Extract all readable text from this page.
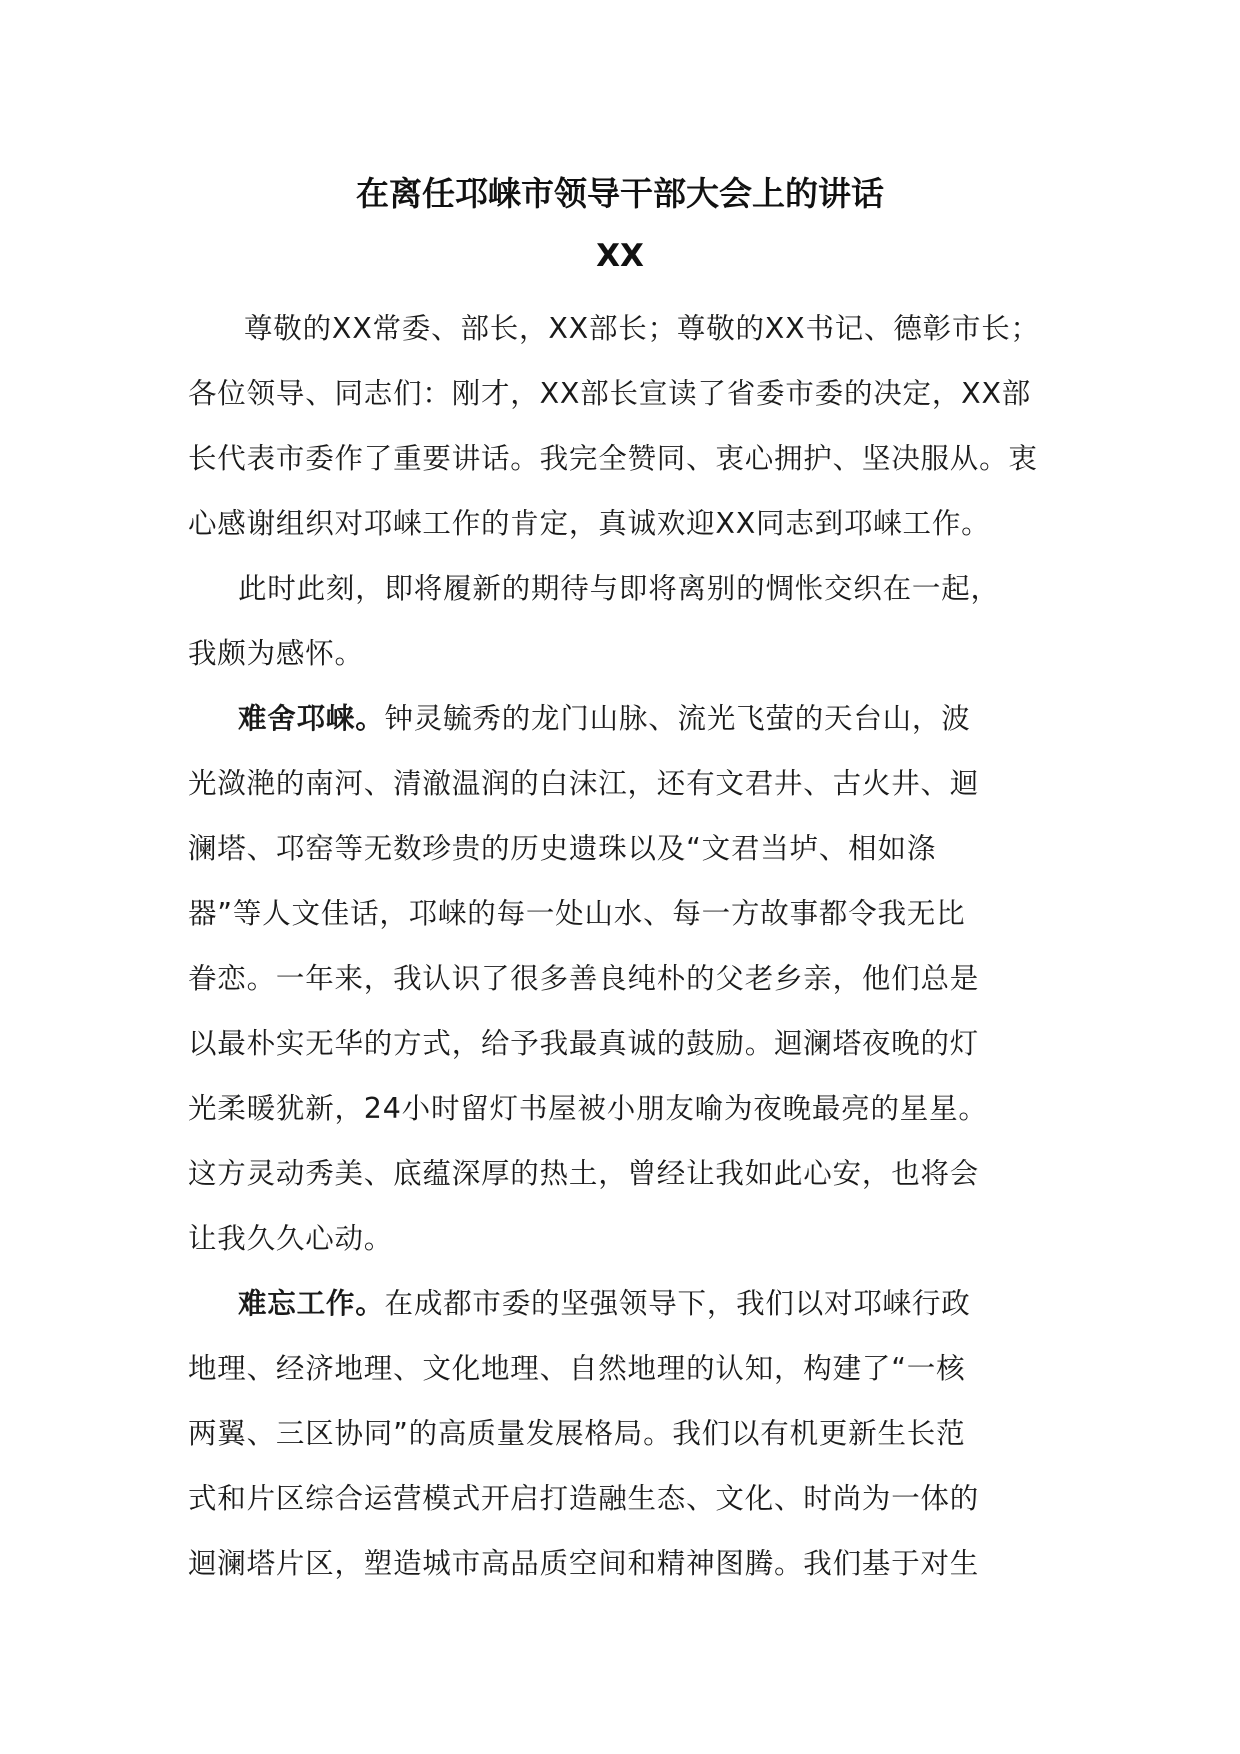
在离任邛崃市领导干部大会上的讲话
XX

尊敬的XX常委、部长，XX部长；尊敬的XX书记、德彰市长；
各位领导、同志们：刚才，XX部长宣读了省委市委的决定，XX部
长代表市委作了重要讲话。我完全赞同、衷心拥护、坚决服从。衷
心感谢组织对邛崃工作的肯定，真诚欢迎XX同志到邛崃工作。

此时此刻，即将履新的期待与即将离别的惆怅交织在一起，
我颇为感怀。

难舍邛崃。钟灵毓秀的龙门山脉、流光飞萤的天台山，波
光潋滟的南河、清澈温润的白沫江，还有文君井、古火井、迴
澜塔、邛窑等无数珍贵的历史遗珠以及“文君当垆、相如涤
器”等人文佳话，邛崃的每一处山水、每一方故事都令我无比
眷恋。一年来，我认识了很多善良纯朴的父老乡亲，他们总是
以最朴实无华的方式，给予我最真诚的鼓励。迴澜塔夜晚的灯
光柔暖犹新，24小时留灯书屋被小朋友喻为夜晚最亮的星星。
这方灵动秀美、底蕴深厚的热土，曾经让我如此心安，也将会
让我久久心动。

难忘工作。在成都市委的坚强领导下，我们以对邛崃行政
地理、经济地理、文化地理、自然地理的认知，构建了“一核
两翼、三区协同”的高质量发展格局。我们以有机更新生长范
式和片区综合运营模式开启打造融生态、文化、时尚为一体的
迴澜塔片区，塑造城市高品质空间和精神图腾。我们基于对生
